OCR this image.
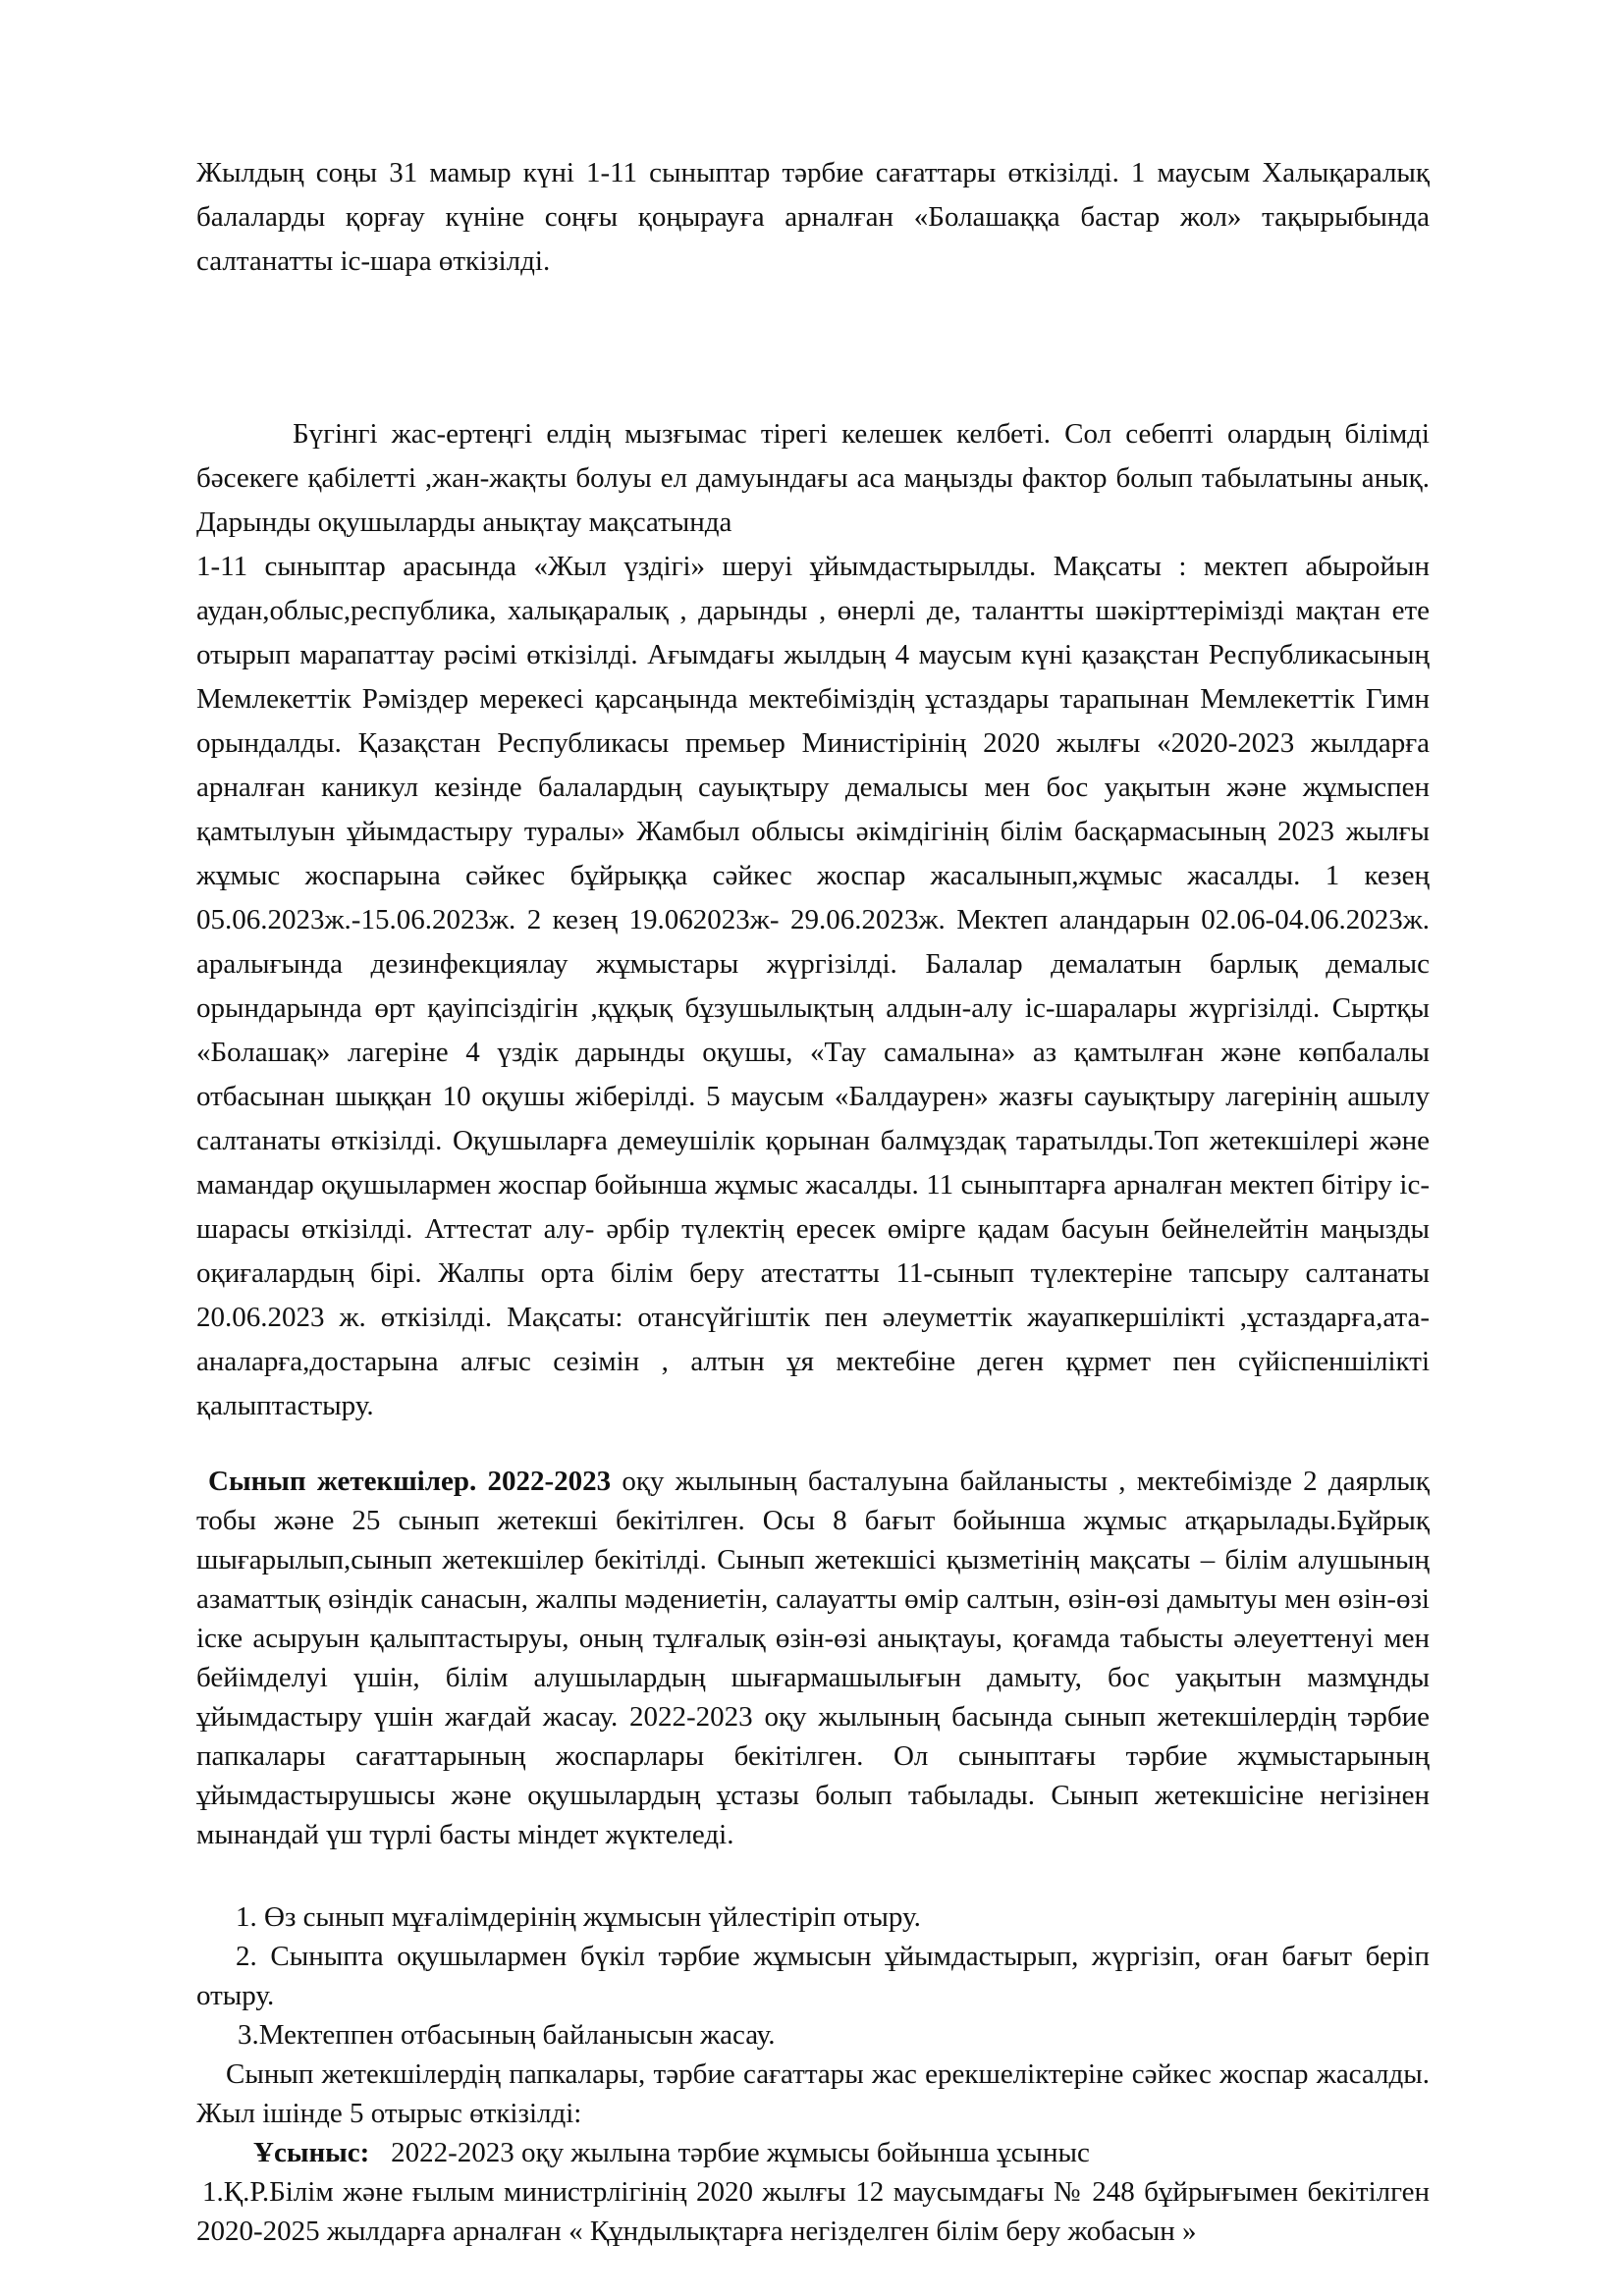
Жылдың соңы 31 мамыр күні 1-11 сыныптар тәрбие сағаттары өткізілді. 1 маусым Халықаралық балаларды қорғау күніне соңғы қоңырауға арналған «Болашаққа бастар жол» тақырыбында салтанатты іс-шара өткізілді.

Бүгінгі жас-ертеңгі елдің мызғымас тірегі келешек келбеті. Сол себепті олардың білімді бәсекеге қабілетті ,жан-жақты болуы ел дамуындағы аса маңызды фактор болып табылатыны анық. Дарынды оқушыларды анықтау мақсатында
1-11 сыныптар арасында «Жыл үздігі» шеруі ұйымдастырылды. Мақсаты : мектеп абыройын аудан,облыс,республика, халықаралық , дарынды , өнерлі де, талантты шәкірттерімізді мақтан ете отырып марапаттау рәсімі өткізілді. Ағымдағы жылдың 4 маусым күні қазақстан Республикасының Мемлекеттік Рәміздер мерекесі қарсаңында мектебіміздің ұстаздары тарапынан Мемлекеттік Гимн орындалды. Қазақстан Республикасы премьер Министірінің 2020 жылғы «2020-2023 жылдарға арналған каникул кезінде балалардың сауықтыру демалысы мен бос уақытын және жұмыспен қамтылуын ұйымдастыру туралы» Жамбыл облысы әкімдігінің білім басқармасының 2023 жылғы жұмыс жоспарына сәйкес бұйрыққа сәйкес жоспар жасалынып,жұмыс жасалды. 1 кезең 05.06.2023ж.-15.06.2023ж. 2 кезең 19.062023ж- 29.06.2023ж. Мектеп аландарын 02.06-04.06.2023ж. аралығында дезинфекциялау жұмыстары жүргізілді. Балалар демалатын барлық демалыс орындарында өрт қауіпсіздігін ,құқық бұзушылықтың алдын-алу іс-шаралары жүргізілді. Сыртқы «Болашақ» лагеріне 4 үздік дарынды оқушы, «Тау самалына» аз қамтылған және көпбалалы отбасынан шыққан 10 оқушы жіберілді. 5 маусым «Балдаурен» жазғы сауықтыру лагерінің ашылу салтанаты өткізілді. Оқушыларға демеушілік қорынан балмұздақ таратылды.Топ жетекшілері және мамандар оқушылармен жоспар бойынша жұмыс жасалды. 11 сыныптарға арналған мектеп бітіру іс-шарасы өткізілді. Аттестат алу- әрбір түлектің ересек өмірге қадам басуын бейнелейтін маңызды оқиғалардың бірі. Жалпы орта білім беру атестатты 11-сынып түлектеріне тапсыру салтанаты 20.06.2023 ж. өткізілді. Мақсаты: отансүйгіштік пен әлеуметтік жауапкершілікті ,ұстаздарға,ата-аналарға,достарына алғыс сезімін , алтын ұя мектебіне деген құрмет пен сүйіспеншілікті қалыптастыру.

Сынып жетекшілер. 2022-2023 оқу жылының басталуына байланысты , мектебімізде 2 даярлық тобы және 25 сынып жетекші бекітілген. Осы 8 бағыт бойынша жұмыс атқарылады.Бұйрық шығарылып,сынып жетекшілер бекітілді. Сынып жетекшісі қызметінің мақсаты – білім алушының азаматтық өзіндік санасын, жалпы мәдениетін, салауатты өмір салтын, өзін-өзі дамытуы мен өзін-өзі іске асыруын қалыптастыруы, оның тұлғалық өзін-өзі анықтауы, қоғамда табысты әлеуеттенуі мен бейімделуі үшін, білім алушылардың шығармашылығын дамыту, бос уақытын мазмұнды ұйымдастыру үшін жағдай жасау. 2022-2023 оқу жылының басында сынып жетекшілердің тәрбие папкалары сағаттарының жоспарлары бекітілген. Ол сыныптағы тәрбие жұмыстарының ұйымдастырушысы және оқушылардың ұстазы болып табылады. Сынып жетекшісіне негізінен мынандай үш түрлі басты міндет жүктеледі.

1. Өз сынып мұғалімдерінің жұмысын үйлестіріп отыру.

2. Сыныпта оқушылармен бүкіл тәрбие жұмысын ұйымдастырып, жүргізіп, оған бағыт беріп отыру.

3.Мектеппен отбасының байланысын жасау.

Сынып жетекшілердің папкалары, тәрбие сағаттары жас ерекшеліктеріне сәйкес жоспар жасалды. Жыл ішінде 5 отырыс өткізілді:

Ұсыныс: 2022-2023 оқу жылына тәрбие жұмысы бойынша ұсыныс

1.Қ.Р.Білім және ғылым министрлігінің 2020 жылғы 12 маусымдағы № 248 бұйрығымен бекітілген 2020-2025 жылдарға арналған « Құндылықтарға негізделген білім беру жобасын »
